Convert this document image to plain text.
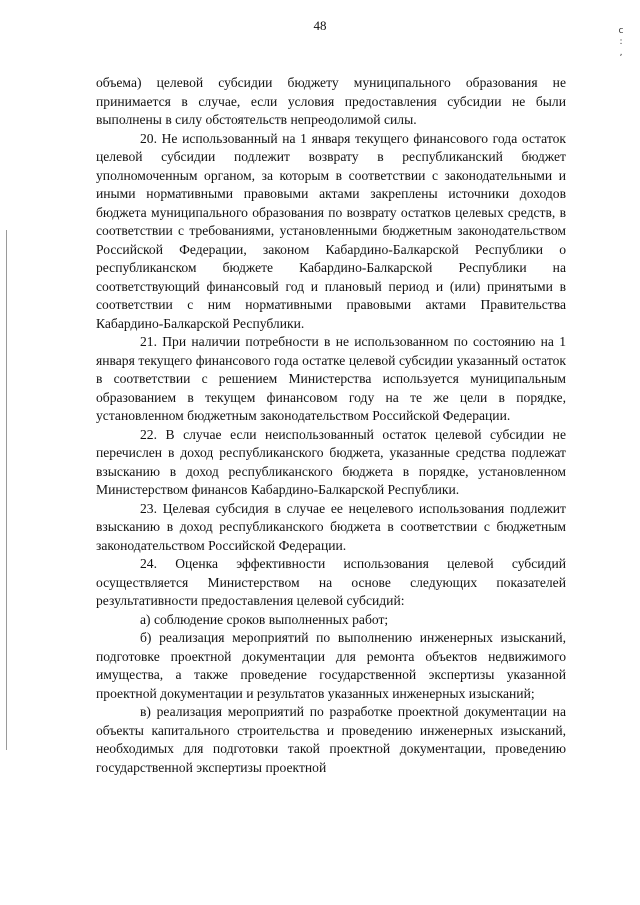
48	с
:
,

объема) целевой субсидии бюджету муниципального образования не принимается в случае, если условия предоставления субсидии не были выполнены в силу обстоятельств непреодолимой силы.

20. Не использованный на 1 января текущего финансового года остаток целевой субсидии подлежит возврату в республиканский бюджет уполномоченным органом, за которым в соответствии с законодательными и иными нормативными правовыми актами закреплены источники доходов бюджета муниципального образования по возврату остатков целевых средств, в соответствии с требованиями, установленными бюджетным законодательством Российской Федерации, законом Кабардино-Балкарской Республики о республиканском бюджете Кабардино-Балкарской Республики на соответствующий финансовый год и плановый период и (или) принятыми в соответствии с ним нормативными правовыми актами Правительства Кабардино-Балкарской Республики.

21. При наличии потребности в не использованном по состоянию на 1 января текущего финансового года остатке целевой субсидии указанный остаток в соответствии с решением Министерства используется муниципальным образованием в текущем финансовом году на те же цели в порядке, установленном бюджетным законодательством Российской Федерации.

22. В случае если неиспользованный остаток целевой субсидии не перечислен в доход республиканского бюджета, указанные средства подлежат взысканию в доход республиканского бюджета в порядке, установленном Министерством финансов Кабардино-Балкарской Республики.

23. Целевая субсидия в случае ее нецелевого использования подлежит взысканию в доход республиканского бюджета в соответствии с бюджетным законодательством Российской Федерации.

24. Оценка эффективности использования целевой субсидий осуществляется Министерством на основе следующих показателей результативности предоставления целевой субсидий:

а) соблюдение сроков выполненных работ;

б) реализация мероприятий по выполнению инженерных изысканий, подготовке проектной документации для ремонта объектов недвижимого имущества, а также проведение государственной экспертизы указанной проектной документации и результатов указанных инженерных изысканий;

в) реализация мероприятий по разработке проектной документации на объекты капитального строительства и проведению инженерных изысканий, необходимых для подготовки такой проектной документации, проведению государственной экспертизы проектной
